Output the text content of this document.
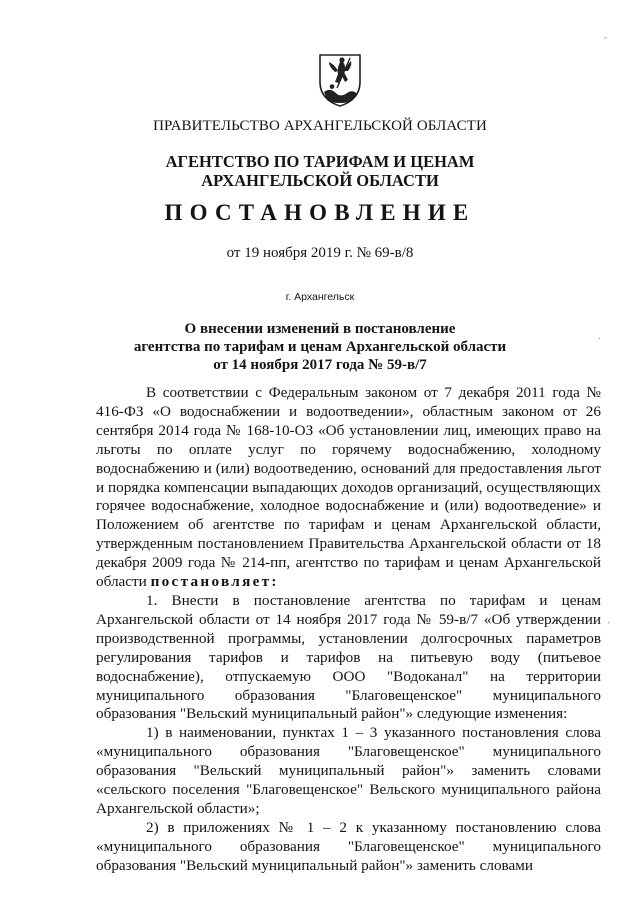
ПРАВИТЕЛЬСТВО АРХАНГЕЛЬСКОЙ ОБЛАСТИ
АГЕНТСТВО ПО ТАРИФАМ И ЦЕНАМ
АРХАНГЕЛЬСКОЙ ОБЛАСТИ
ПОСТАНОВЛЕНИЕ
от 19 ноября 2019 г. № 69-в/8
г. Архангельск
О внесении изменений в постановление
агентства по тарифам и ценам Архангельской области
от 14 ноября 2017 года № 59-в/7

В соответствии с Федеральным законом от 7 декабря 2011 года № 416-ФЗ «О водоснабжении и водоотведении», областным законом от 26 сентября 2014 года № 168-10-ОЗ «Об установлении лиц, имеющих право на льготы по оплате услуг по горячему водоснабжению, холодному водоснабжению и (или) водоотведению, оснований для предоставления льгот и порядка компенсации выпадающих доходов организаций, осуществляющих горячее водоснабжение, холодное водоснабжение и (или) водоотведение» и Положением об агентстве по тарифам и ценам Архангельской области, утвержденным постановлением Правительства Архангельской области от 18 декабря 2009 года № 214-пп, агентство по тарифам и ценам Архангельской области постановляет:

1. Внести в постановление агентства по тарифам и ценам Архангельской области от 14 ноября 2017 года № 59-в/7 «Об утверждении производственной программы, установлении долгосрочных параметров регулирования тарифов и тарифов на питьевую воду (питьевое водоснабжение), отпускаемую ООО "Водоканал" на территории муниципального образования "Благовещенское" муниципального образования "Вельский муниципальный район"» следующие изменения:

1) в наименовании, пунктах 1 – 3 указанного постановления слова «муниципального образования "Благовещенское" муниципального образования "Вельский муниципальный район"» заменить словами «сельского поселения "Благовещенское" Вельского муниципального района Архангельской области»;

2) в приложениях № 1 – 2 к указанному постановлению слова «муниципального образования "Благовещенское" муниципального образования "Вельский муниципальный район"» заменить словами

ˇ
·
'
